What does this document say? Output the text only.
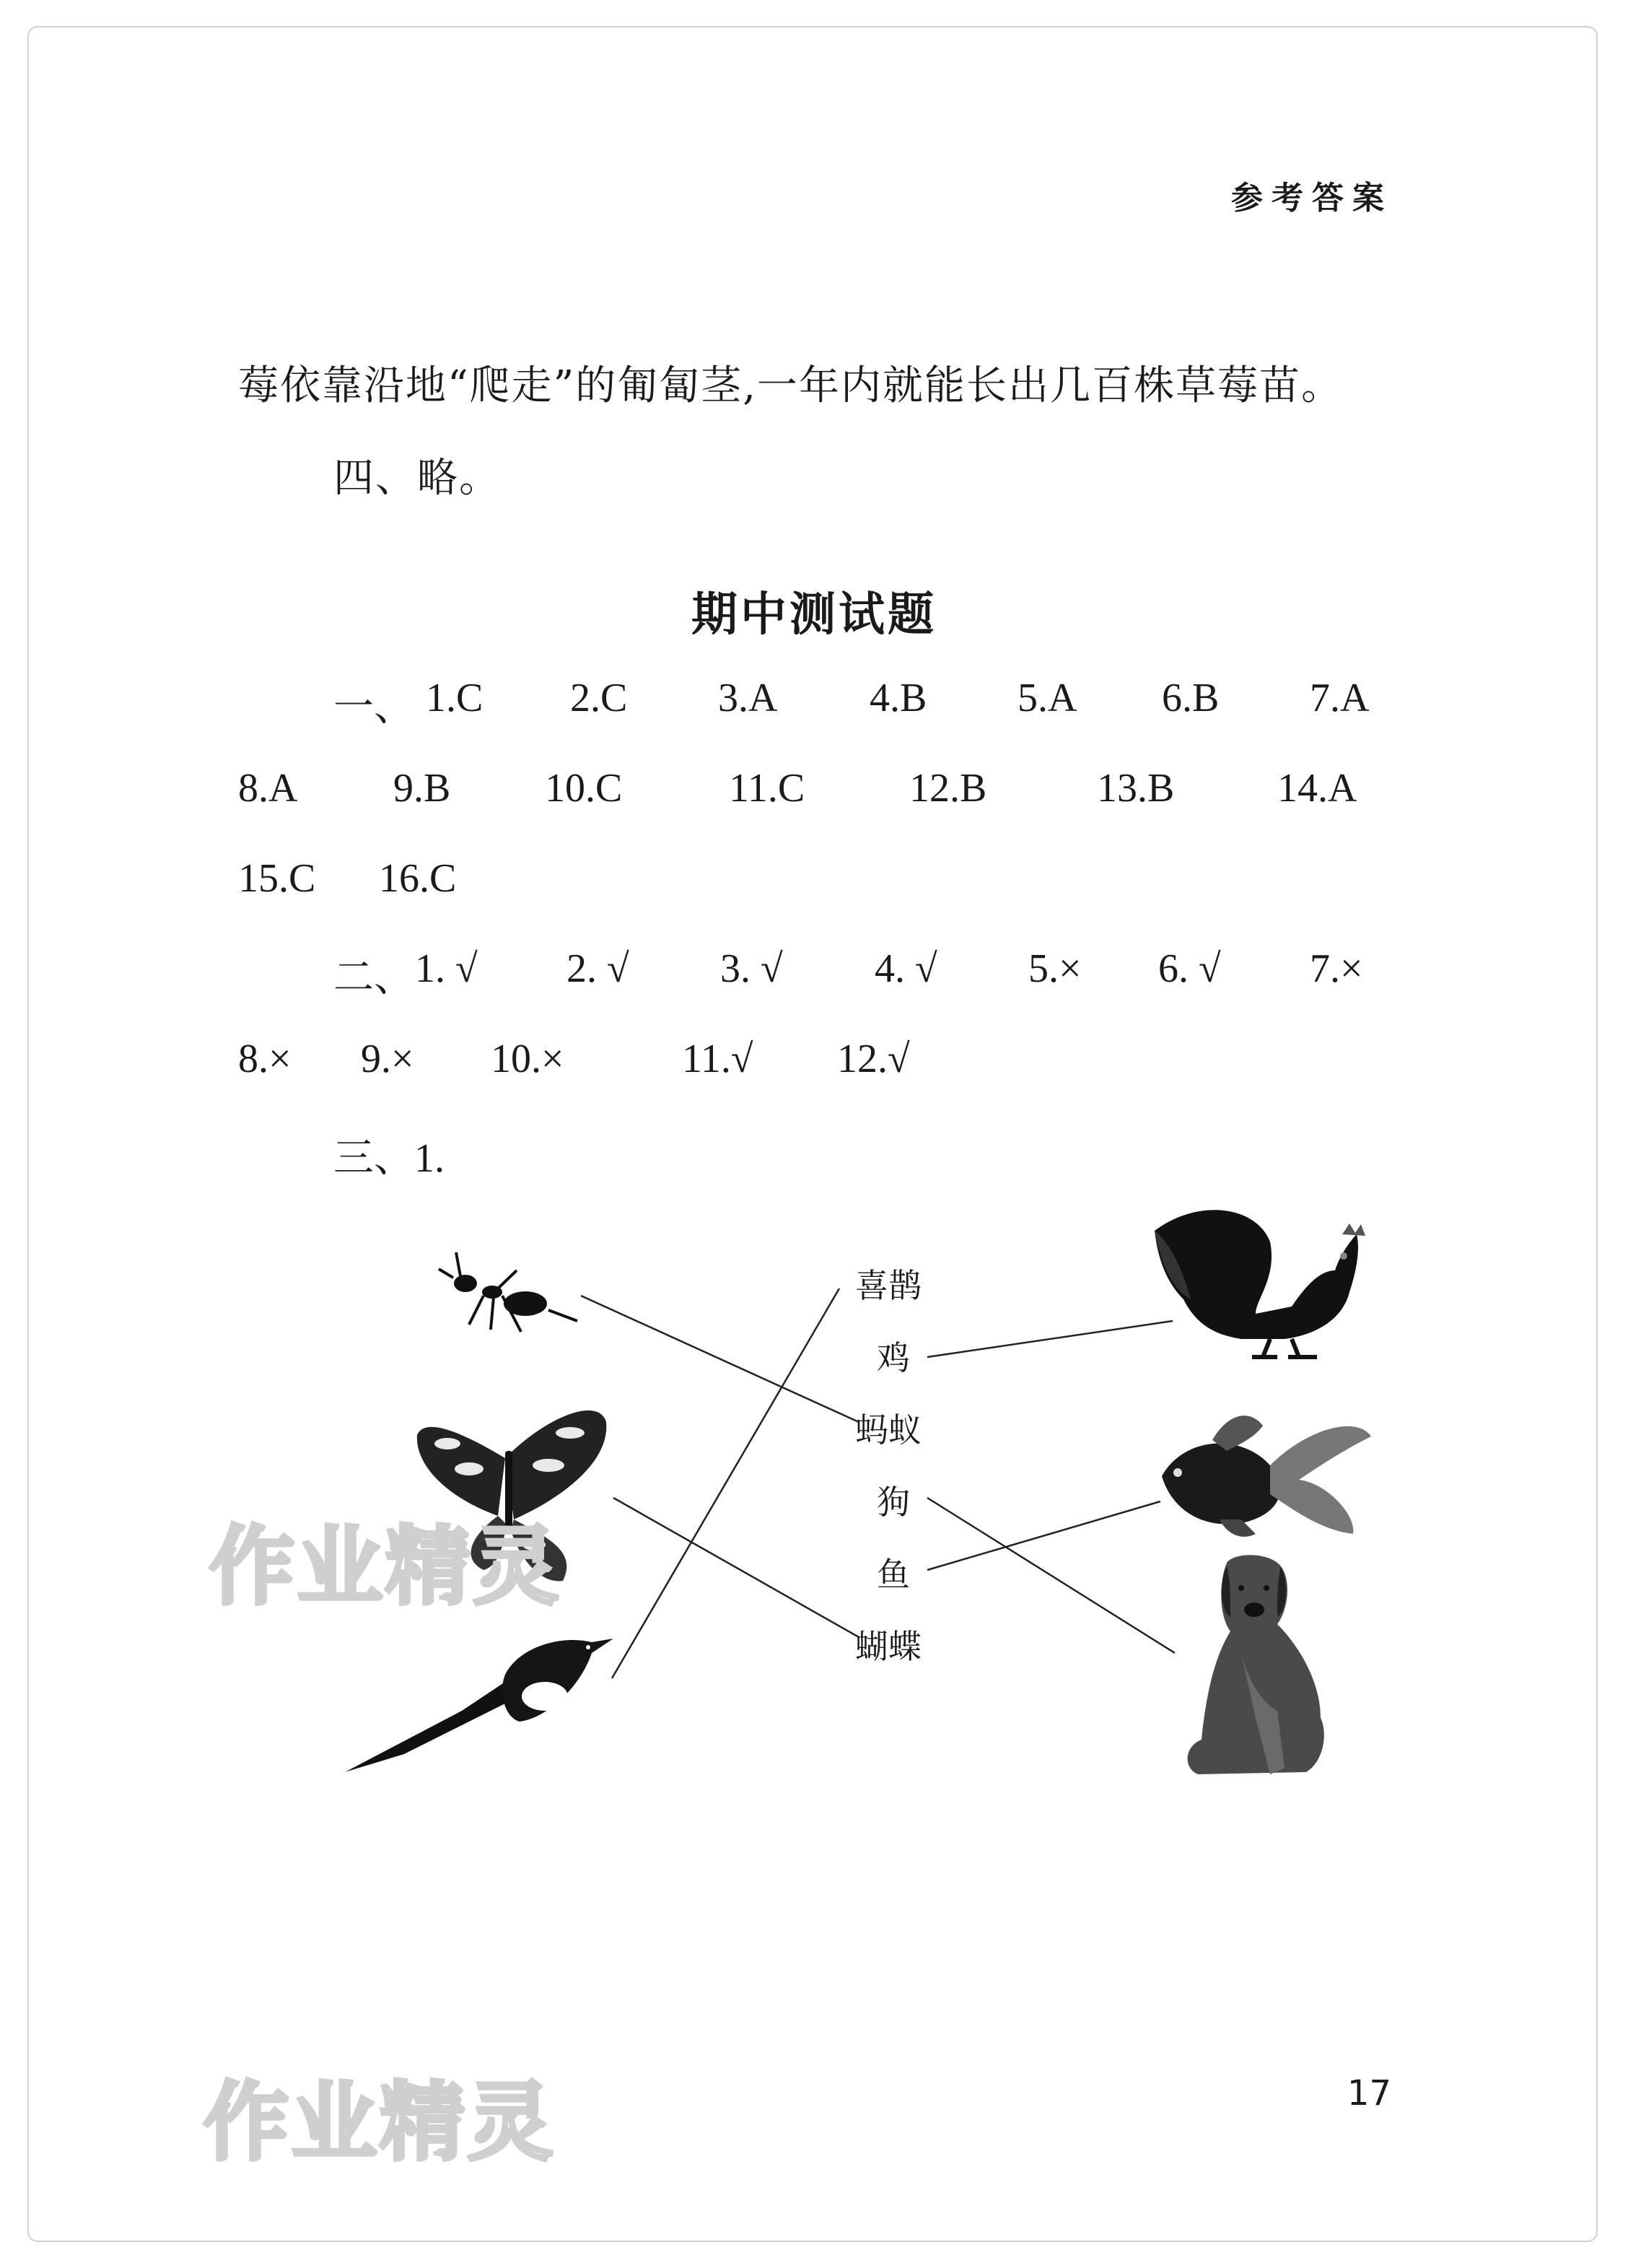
参考答案
莓依靠沿地“爬走”的匍匐茎,一年内就能长出几百株草莓苗。
四、略。
期中测试题
一、 1.C 2.C 3.A 4.B 5.A 6.B 7.A
8.A 9.B 10.C	11.C	12.B	13.B	14.A
15.C 16.C
二、 1. √ 2. √ 3. √ 4. √ 5.× 6. √ 7.×
8.× 9.× 10.×	11.√ 12.√
三、1.
喜鹊
鸡
蚂蚁
狗
鱼
蝴蝶
作业精灵
作业精灵	17
